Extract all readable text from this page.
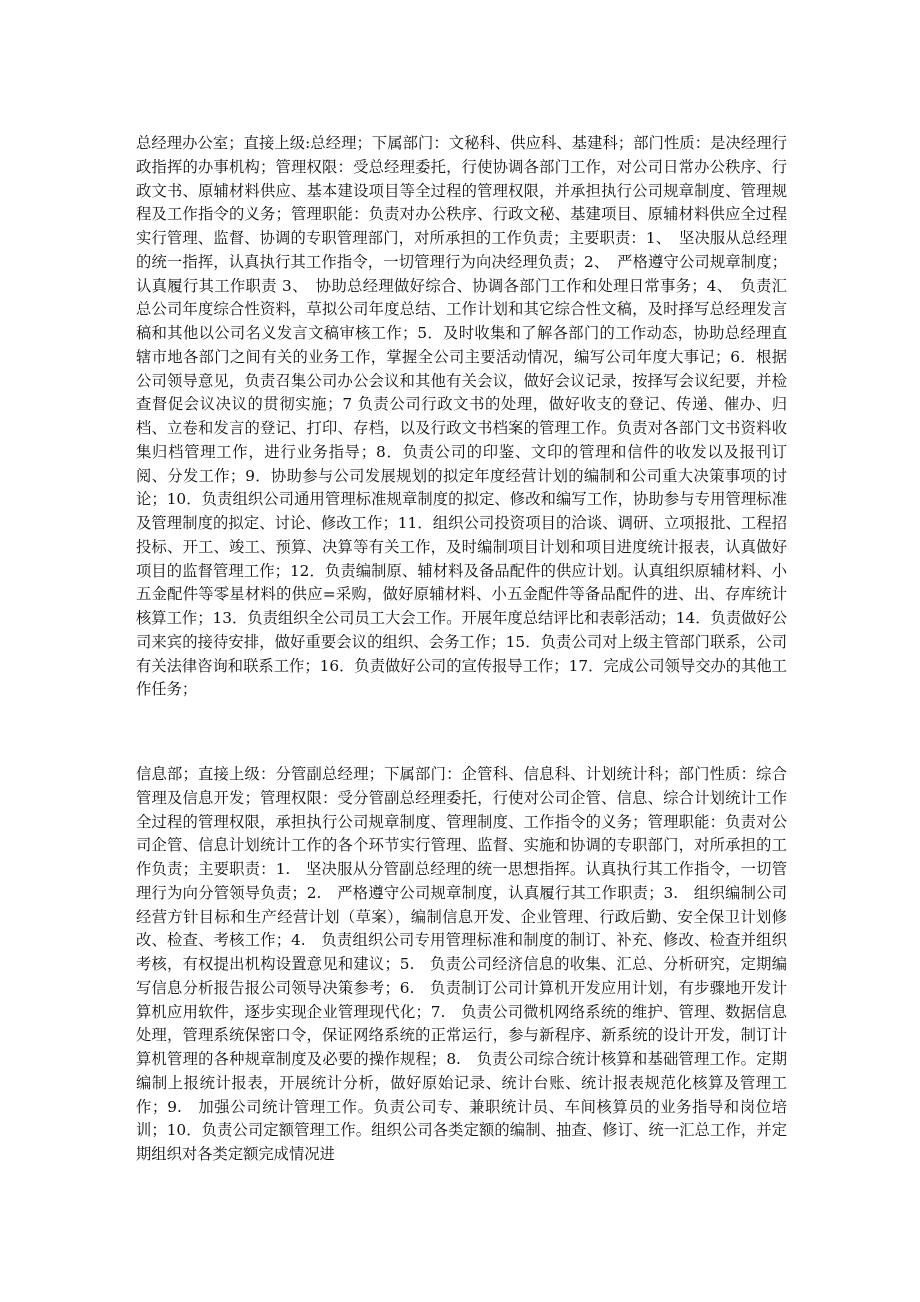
总经理办公室；直接上级:总经理；下属部门：文秘科、供应科、基建科；部门性质：是决经理行政指挥的办事机构；管理权限：受总经理委托，行使协调各部门工作，对公司日常办公秩序、行政文书、原辅材料供应、基本建设项目等全过程的管理权限，并承担执行公司规章制度、管理规程及工作指令的义务；管理职能：负责对办公秩序、行政文秘、基建项目、原辅材料供应全过程实行管理、监督、协调的专职管理部门，对所承担的工作负责；主要职责：1、　坚决服从总经理的统一指挥，认真执行其工作指令，一切管理行为向决经理负责；2、　严格遵守公司规章制度；认真履行其工作职责 3、　协助总经理做好综合、协调各部门工作和处理日常事务；4、　负责汇总公司年度综合性资料，草拟公司年度总结、工作计划和其它综合性文稿，及时择写总经理发言稿和其他以公司名义发言文稿审核工作；5．及时收集和了解各部门的工作动态，协助总经理直辖市地各部门之间有关的业务工作，掌握全公司主要活动情况，编写公司年度大事记；6．根据公司领导意见，负责召集公司办公会议和其他有关会议，做好会议记录，按择写会议纪要，并检查督促会议决议的贯彻实施；7 负责公司行政文书的处理，做好收支的登记、传递、催办、归档、立卷和发言的登记、打印、存档，以及行政文书档案的管理工作。负责对各部门文书资料收集归档管理工作，进行业务指导；8．负责公司的印鉴、文印的管理和信件的收发以及报刊订阅、分发工作；9．协助参与公司发展规划的拟定年度经营计划的编制和公司重大决策事项的讨论；10．负责组织公司通用管理标准规章制度的拟定、修改和编写工作，协助参与专用管理标准及管理制度的拟定、讨论、修改工作；11．组织公司投资项目的洽谈、调研、立项报批、工程招投标、开工、竣工、预算、决算等有关工作，及时编制项目计划和项目进度统计报表，认真做好项目的监督管理工作；12．负责编制原、辅材料及备品配件的供应计划。认真组织原辅材料、小五金配件等零星材料的供应=采购，做好原辅材料、小五金配件等备品配件的进、出、存库统计核算工作；13．负责组织全公司员工大会工作。开展年度总结评比和表彰活动；14．负责做好公司来宾的接待安排，做好重要会议的组织、会务工作；15．负责公司对上级主管部门联系，公司有关法律咨询和联系工作；16．负责做好公司的宣传报导工作；17．完成公司领导交办的其他工作任务；

信息部；直接上级：分管副总经理；下属部门：企管科、信息科、计划统计科；部门性质：综合管理及信息开发；管理权限：受分管副总经理委托，行使对公司企管、信息、综合计划统计工作全过程的管理权限，承担执行公司规章制度、管理制度、工作指令的义务；管理职能：负责对公司企管、信息计划统计工作的各个环节实行管理、监督、实施和协调的专职部门，对所承担的工作负责；主要职责：1.　坚决服从分管副总经理的统一思想指挥。认真执行其工作指令，一切管理行为向分管领导负责；2.　严格遵守公司规章制度，认真履行其工作职责；3.　组织编制公司经营方针目标和生产经营计划（草案），编制信息开发、企业管理、行政后勤、安全保卫计划修改、检查、考核工作；4.　负责组织公司专用管理标准和制度的制订、补充、修改、检查并组织考核，有权提出机构设置意见和建议；5.　负责公司经济信息的收集、汇总、分析研究，定期编写信息分析报告报公司领导决策参考；6.　负责制订公司计算机开发应用计划，有步骤地开发计算机应用软件，逐步实现企业管理现代化；7.　负责公司微机网络系统的维护、管理、数据信息处理，管理系统保密口令，保证网络系统的正常运行，参与新程序、新系统的设计开发，制订计算机管理的各种规章制度及必要的操作规程；8.　负责公司综合统计核算和基础管理工作。定期编制上报统计报表，开展统计分析，做好原始记录、统计台账、统计报表规范化核算及管理工作；9.　加强公司统计管理工作。负责公司专、兼职统计员、车间核算员的业务指导和岗位培训；10．负责公司定额管理工作。组织公司各类定额的编制、抽查、修订、统一汇总工作，并定期组织对各类定额完成情况进
